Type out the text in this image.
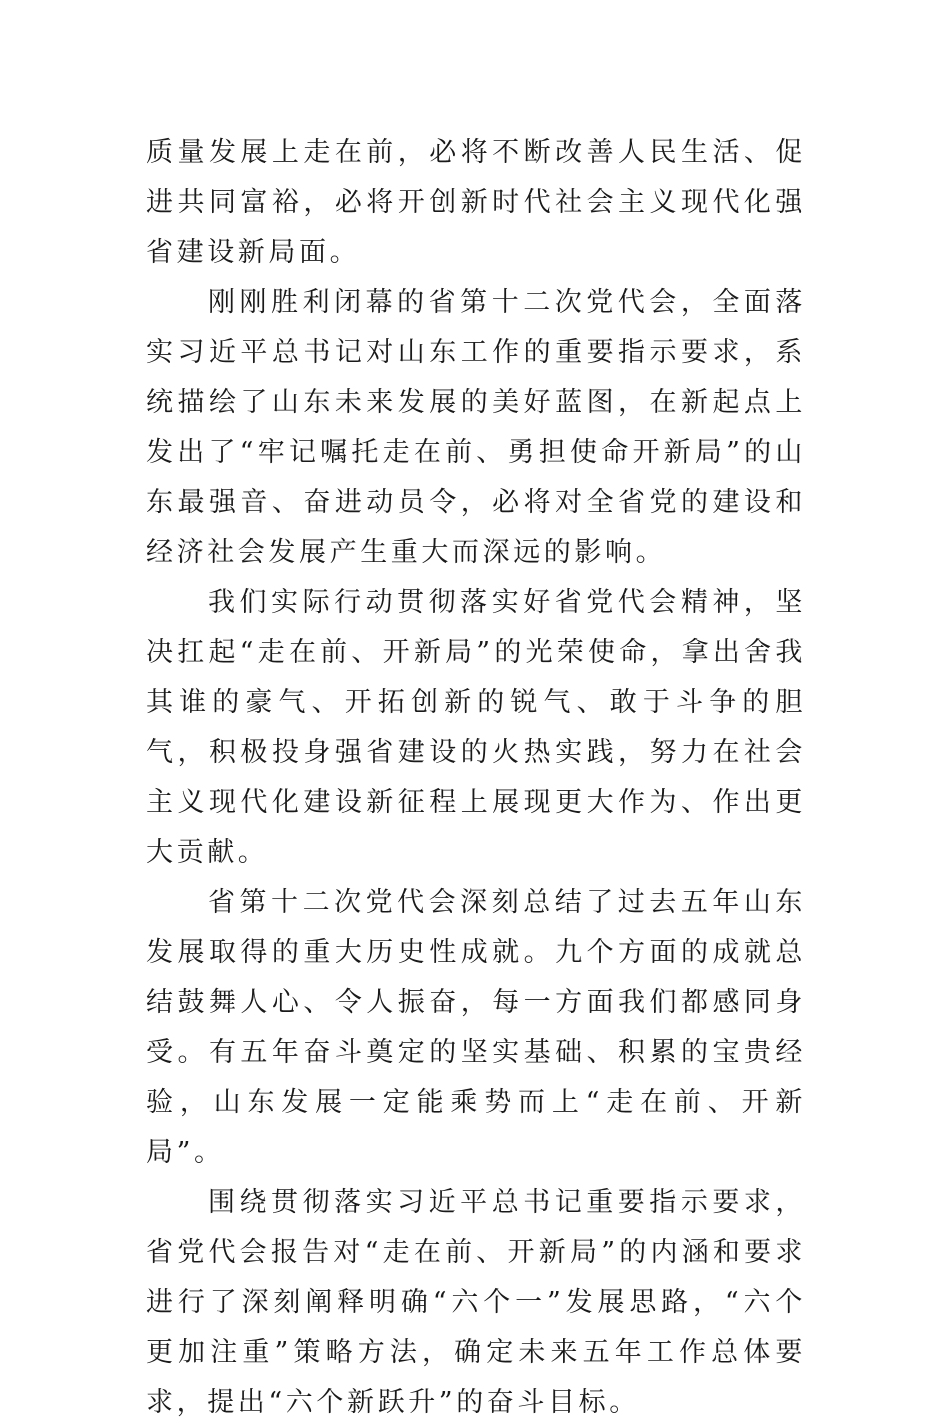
质量发展上走在前，必将不断改善人民生活、促进共同富裕，必将开创新时代社会主义现代化强省建设新局面。

刚刚胜利闭幕的省第十二次党代会，全面落实习近平总书记对山东工作的重要指示要求，系统描绘了山东未来发展的美好蓝图，在新起点上发出了“牢记嘱托走在前、勇担使命开新局”的山东最强音、奋进动员令，必将对全省党的建设和经济社会发展产生重大而深远的影响。

我们实际行动贯彻落实好省党代会精神，坚决扛起“走在前、开新局”的光荣使命，拿出舍我其谁的豪气、开拓创新的锐气、敢于斗争的胆气，积极投身强省建设的火热实践，努力在社会主义现代化建设新征程上展现更大作为、作出更大贡献。

省第十二次党代会深刻总结了过去五年山东发展取得的重大历史性成就。九个方面的成就总结鼓舞人心、令人振奋，每一方面我们都感同身受。有五年奋斗奠定的坚实基础、积累的宝贵经验，山东发展一定能乘势而上“走在前、开新局”。

围绕贯彻落实习近平总书记重要指示要求，省党代会报告对“走在前、开新局”的内涵和要求进行了深刻阐释明确“六个一”发展思路，“六个更加注重”策略方法，确定未来五年工作总体要求，提出“六个新跃升”的奋斗目标。
